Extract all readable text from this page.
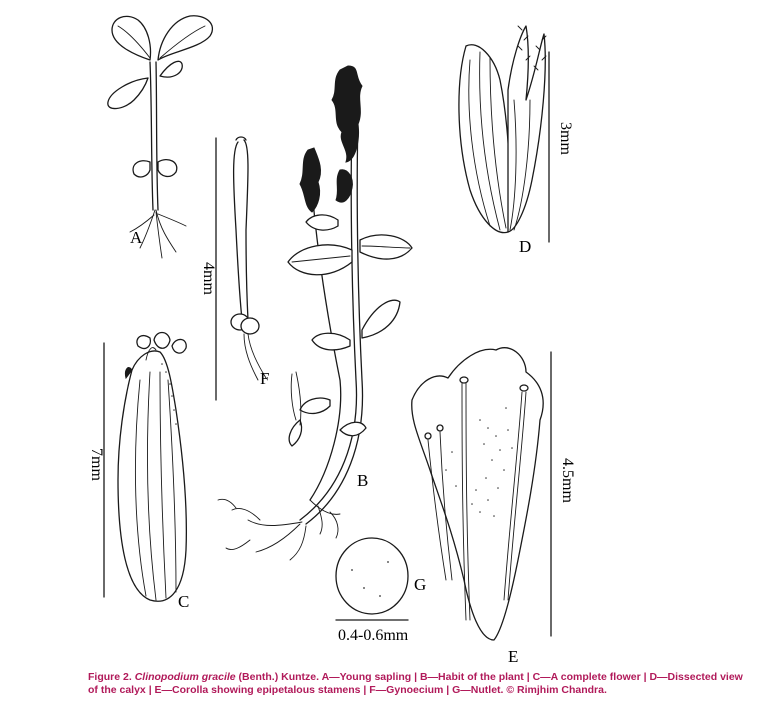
A
4mm
F
B
7mm
C
3mm
D
4.5mm
E
0.4-0.6mm
G
Figure 2. Clinopodium gracile (Benth.) Kuntze. A—Young sapling | B—Habit of the plant | C—A complete flower | D—Dissected view of the calyx | E—Corolla showing epipetalous stamens | F—Gynoecium | G—Nutlet. © Rimjhim Chandra.
